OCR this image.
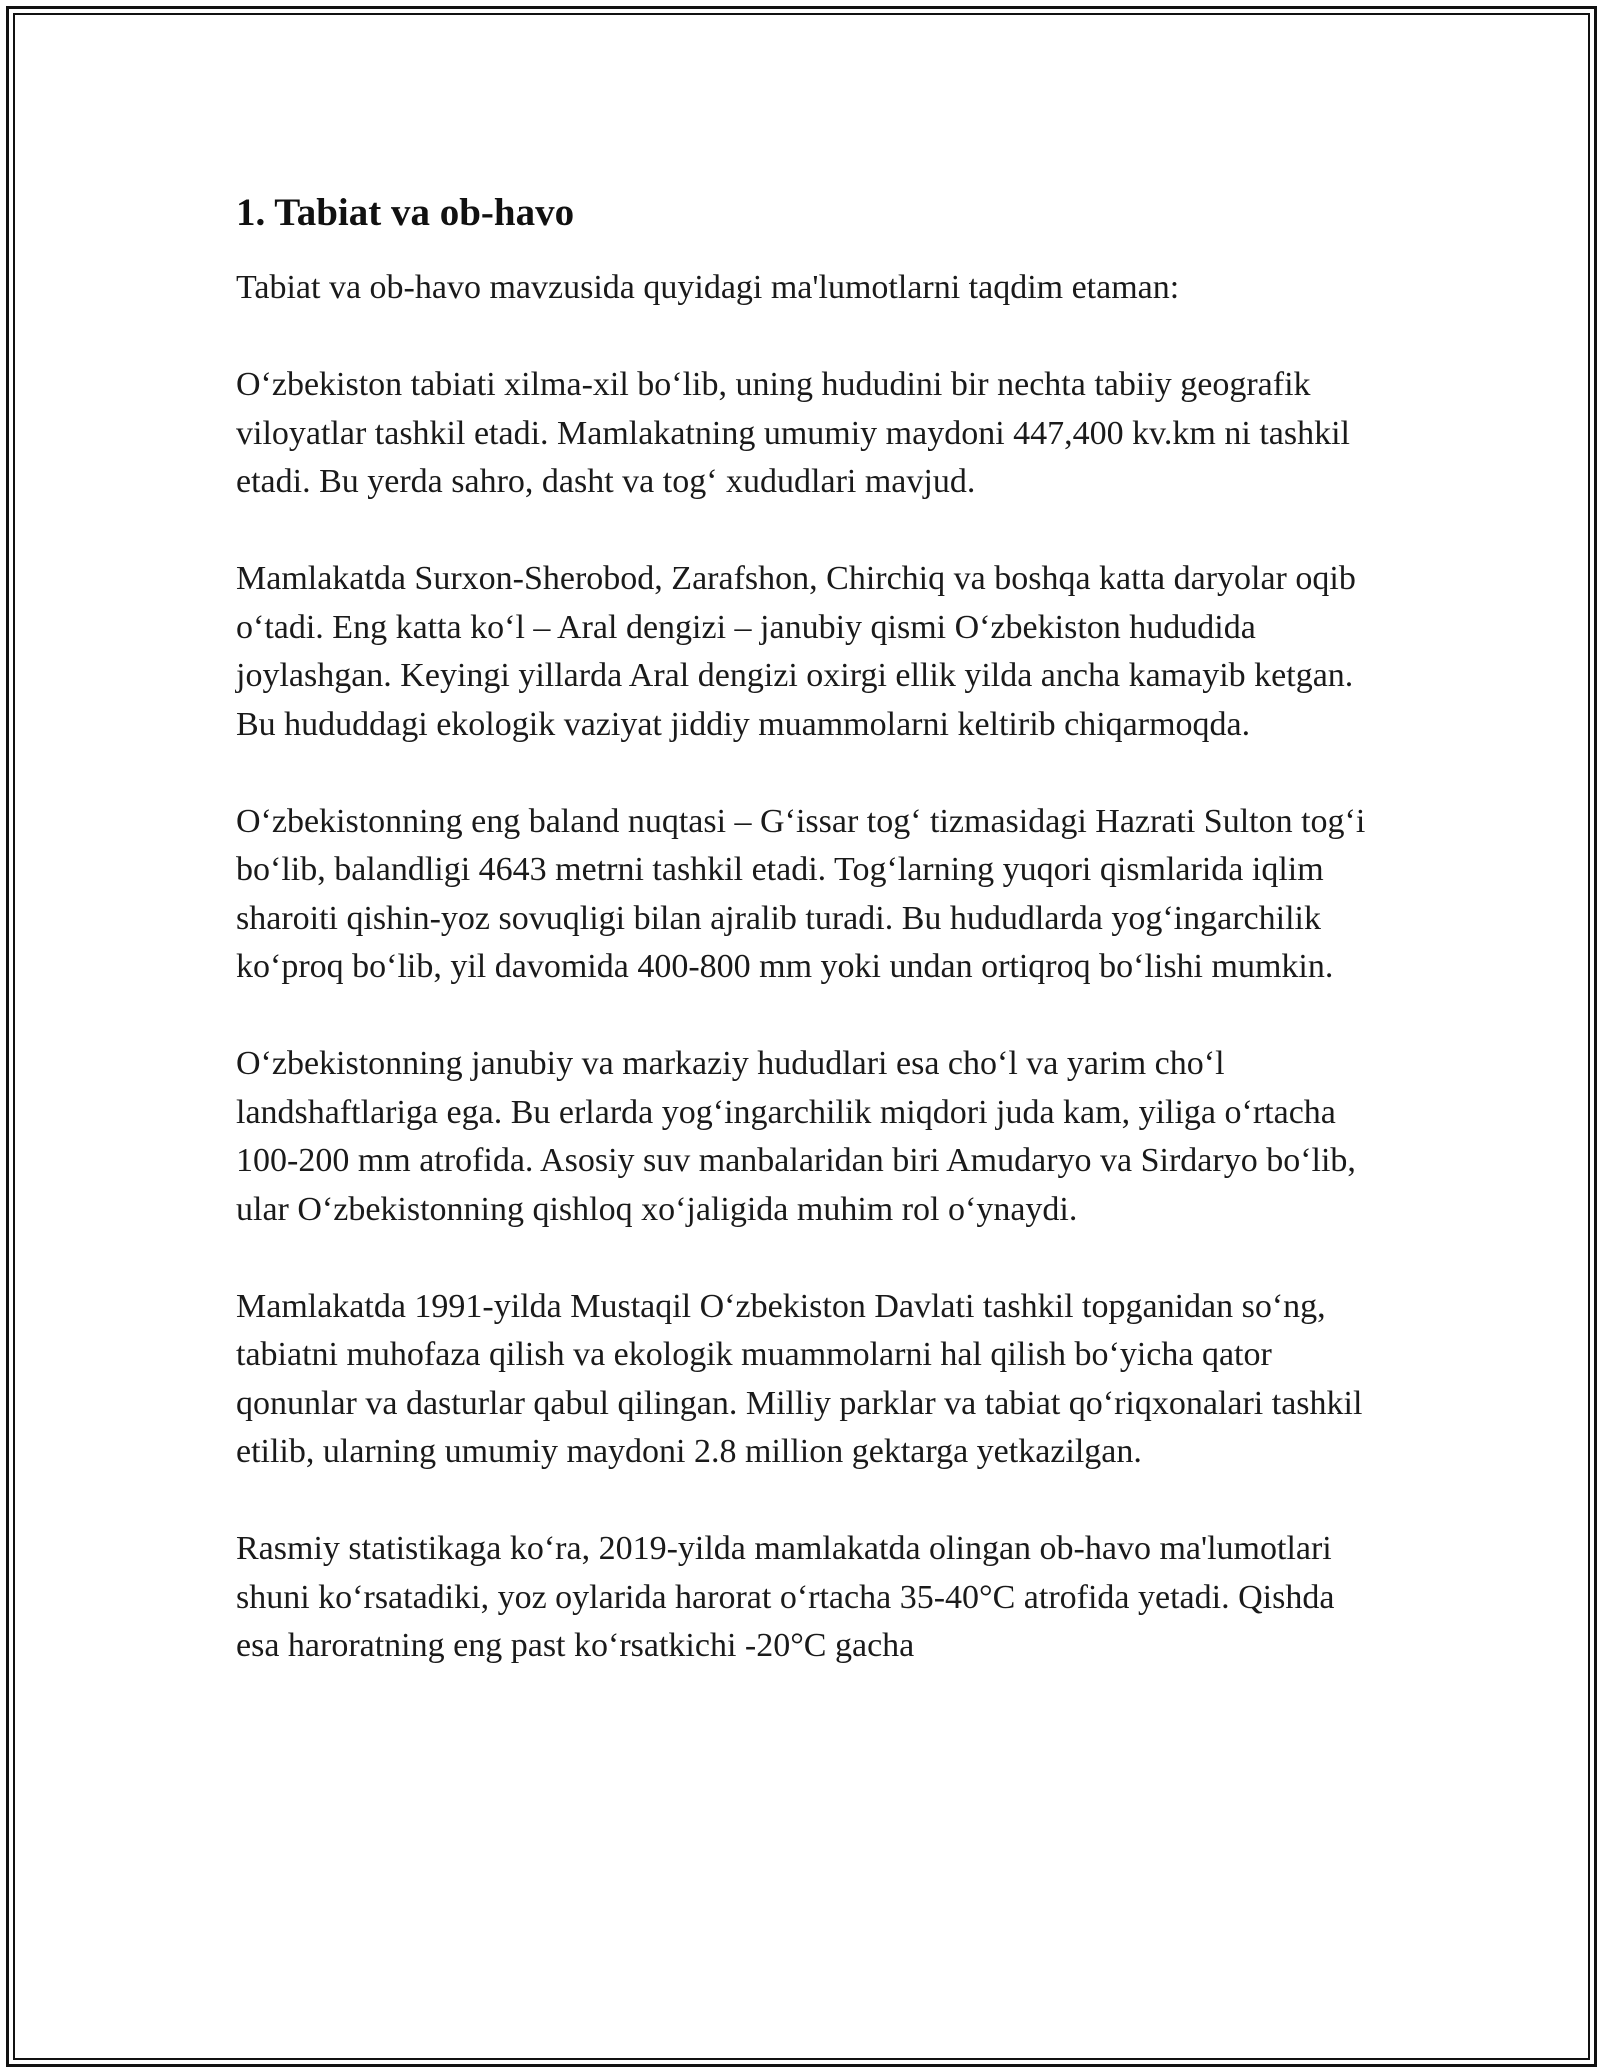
1. Tabiat va ob-havo

Tabiat va ob-havo mavzusida quyidagi ma'lumotlarni taqdim etaman:

O‘zbekiston tabiati xilma-xil bo‘lib, uning hududini bir nechta tabiiy geografik viloyatlar tashkil etadi. Mamlakatning umumiy maydoni 447,400 kv.km ni tashkil etadi. Bu yerda sahro, dasht va tog‘ xududlari mavjud.

Mamlakatda Surxon-Sherobod, Zarafshon, Chirchiq va boshqa katta daryolar oqib o‘tadi. Eng katta ko‘l – Aral dengizi – janubiy qismi O‘zbekiston hududida joylashgan. Keyingi yillarda Aral dengizi oxirgi ellik yilda ancha kamayib ketgan. Bu hududdagi ekologik vaziyat jiddiy muammolarni keltirib chiqarmoqda.

O‘zbekistonning eng baland nuqtasi – G‘issar tog‘ tizmasidagi Hazrati Sulton tog‘i bo‘lib, balandligi 4643 metrni tashkil etadi. Tog‘larning yuqori qismlarida iqlim sharoiti qishin-yoz sovuqligi bilan ajralib turadi. Bu hududlarda yog‘ingarchilik ko‘proq bo‘lib, yil davomida 400-800 mm yoki undan ortiqroq bo‘lishi mumkin.

O‘zbekistonning janubiy va markaziy hududlari esa cho‘l va yarim cho‘l landshaftlariga ega. Bu erlarda yog‘ingarchilik miqdori juda kam, yiliga o‘rtacha 100-200 mm atrofida. Asosiy suv manbalaridan biri Amudaryo va Sirdaryo bo‘lib, ular O‘zbekistonning qishloq xo‘jaligida muhim rol o‘ynaydi.

Mamlakatda 1991-yilda Mustaqil O‘zbekiston Davlati tashkil topganidan so‘ng, tabiatni muhofaza qilish va ekologik muammolarni hal qilish bo‘yicha qator qonunlar va dasturlar qabul qilingan. Milliy parklar va tabiat qo‘riqxonalari tashkil etilib, ularning umumiy maydoni 2.8 million gektarga yetkazilgan.

Rasmiy statistikaga ko‘ra, 2019-yilda mamlakatda olingan ob-havo ma'lumotlari shuni ko‘rsatadiki, yoz oylarida harorat o‘rtacha 35-40°C atrofida yetadi. Qishda esa haroratning eng past ko‘rsatkichi -20°C gacha
